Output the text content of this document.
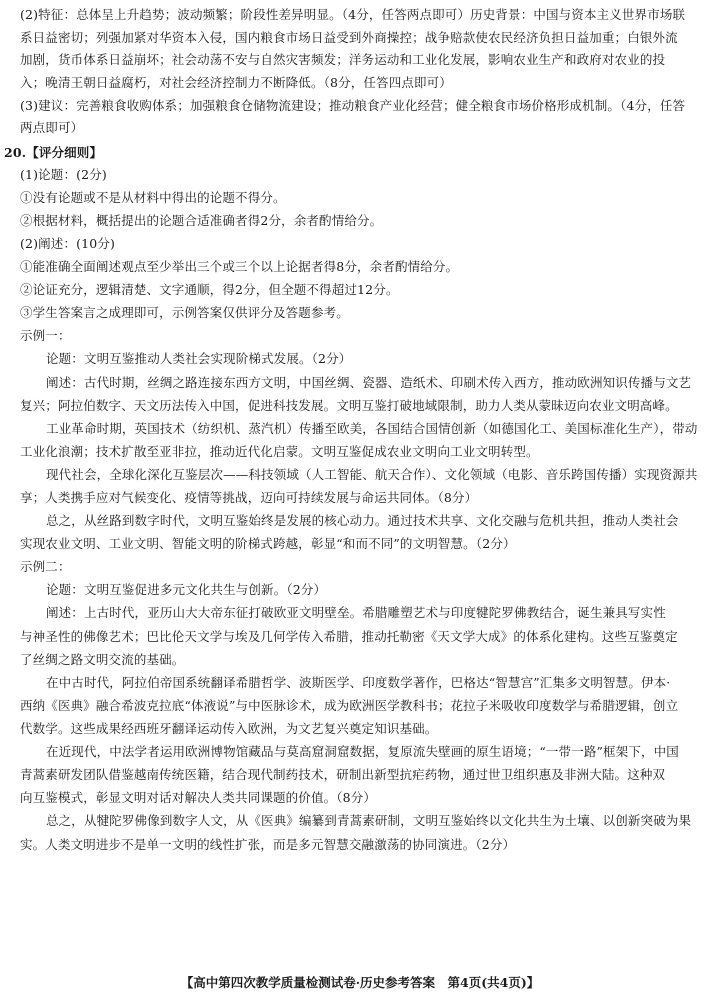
(2)特征：总体呈上升趋势；波动频繁；阶段性差异明显。（4分，任答两点即可）历史背景：中国与资本主义世界市场联
系日益密切；列强加紧对华资本入侵，国内粮食市场日益受到外商操控；战争赔款使农民经济负担日益加重；白银外流
加剧，货币体系日益崩坏；社会动荡不安与自然灾害频发；洋务运动和工业化发展，影响农业生产和政府对农业的投
入；晚清王朝日益腐朽，对社会经济控制力不断降低。（8分，任答四点即可）
(3)建议：完善粮食收购体系；加强粮食仓储物流建设；推动粮食产业化经营；健全粮食市场价格形成机制。（4分，任答
两点即可）
20.【评分细则】
(1)论题：(2分)
①没有论题或不是从材料中得出的论题不得分。
②根据材料，概括提出的论题合适准确者得2分，余者酌情给分。
(2)阐述：(10分)
①能准确全面阐述观点至少举出三个或三个以上论据者得8分，余者酌情给分。
②论证充分，逻辑清楚、文字通顺，得2分，但全题不得超过12分。
③学生答案言之成理即可，示例答案仅供评分及答题参考。
示例一：
论题：文明互鉴推动人类社会实现阶梯式发展。（2分）
阐述：古代时期，丝绸之路连接东西方文明，中国丝绸、瓷器、造纸术、印刷术传入西方，推动欧洲知识传播与文艺
复兴；阿拉伯数字、天文历法传入中国，促进科技发展。文明互鉴打破地域限制，助力人类从蒙昧迈向农业文明高峰。
工业革命时期，英国技术（纺织机、蒸汽机）传播至欧美，各国结合国情创新（如德国化工、美国标准化生产），带动
工业化浪潮；技术扩散至亚非拉，推动近代化启蒙。文明互鉴促成农业文明向工业文明转型。
现代社会，全球化深化互鉴层次——科技领域（人工智能、航天合作）、文化领域（电影、音乐跨国传播）实现资源共
享；人类携手应对气候变化、疫情等挑战，迈向可持续发展与命运共同体。（8分）
总之，从丝路到数字时代，文明互鉴始终是发展的核心动力。通过技术共享、文化交融与危机共担，推动人类社会
实现农业文明、工业文明、智能文明的阶梯式跨越，彰显“和而不同”的文明智慧。（2分）
示例二：
论题：文明互鉴促进多元文化共生与创新。（2分）
阐述：上古时代，亚历山大大帝东征打破欧亚文明壁垒。希腊雕塑艺术与印度犍陀罗佛教结合，诞生兼具写实性
与神圣性的佛像艺术；巴比伦天文学与埃及几何学传入希腊，推动托勒密《天文学大成》的体系化建构。这些互鉴奠定
了丝绸之路文明交流的基础。
在中古时代，阿拉伯帝国系统翻译希腊哲学、波斯医学、印度数学著作，巴格达“智慧宫”汇集多文明智慧。伊本·
西纳《医典》融合希波克拉底“体液说”与中医脉诊术，成为欧洲医学教科书；花拉子米吸收印度数学与希腊逻辑，创立
代数学。这些成果经西班牙翻译运动传入欧洲，为文艺复兴奠定知识基础。
在近现代，中法学者运用欧洲博物馆藏品与莫高窟洞窟数据，复原流失壁画的原生语境；“一带一路”框架下，中国
青蒿素研发团队借鉴越南传统医籍，结合现代制药技术，研制出新型抗疟药物，通过世卫组织惠及非洲大陆。这种双
向互鉴模式，彰显文明对话对解决人类共同课题的价值。（8分）
总之，从犍陀罗佛像到数字人文，从《医典》编纂到青蒿素研制，文明互鉴始终以文化共生为土壤、以创新突破为果
实。人类文明进步不是单一文明的线性扩张，而是多元智慧交融激荡的协同演进。（2分）
【高中第四次教学质量检测试卷·历史参考答案　第4页(共4页)】
